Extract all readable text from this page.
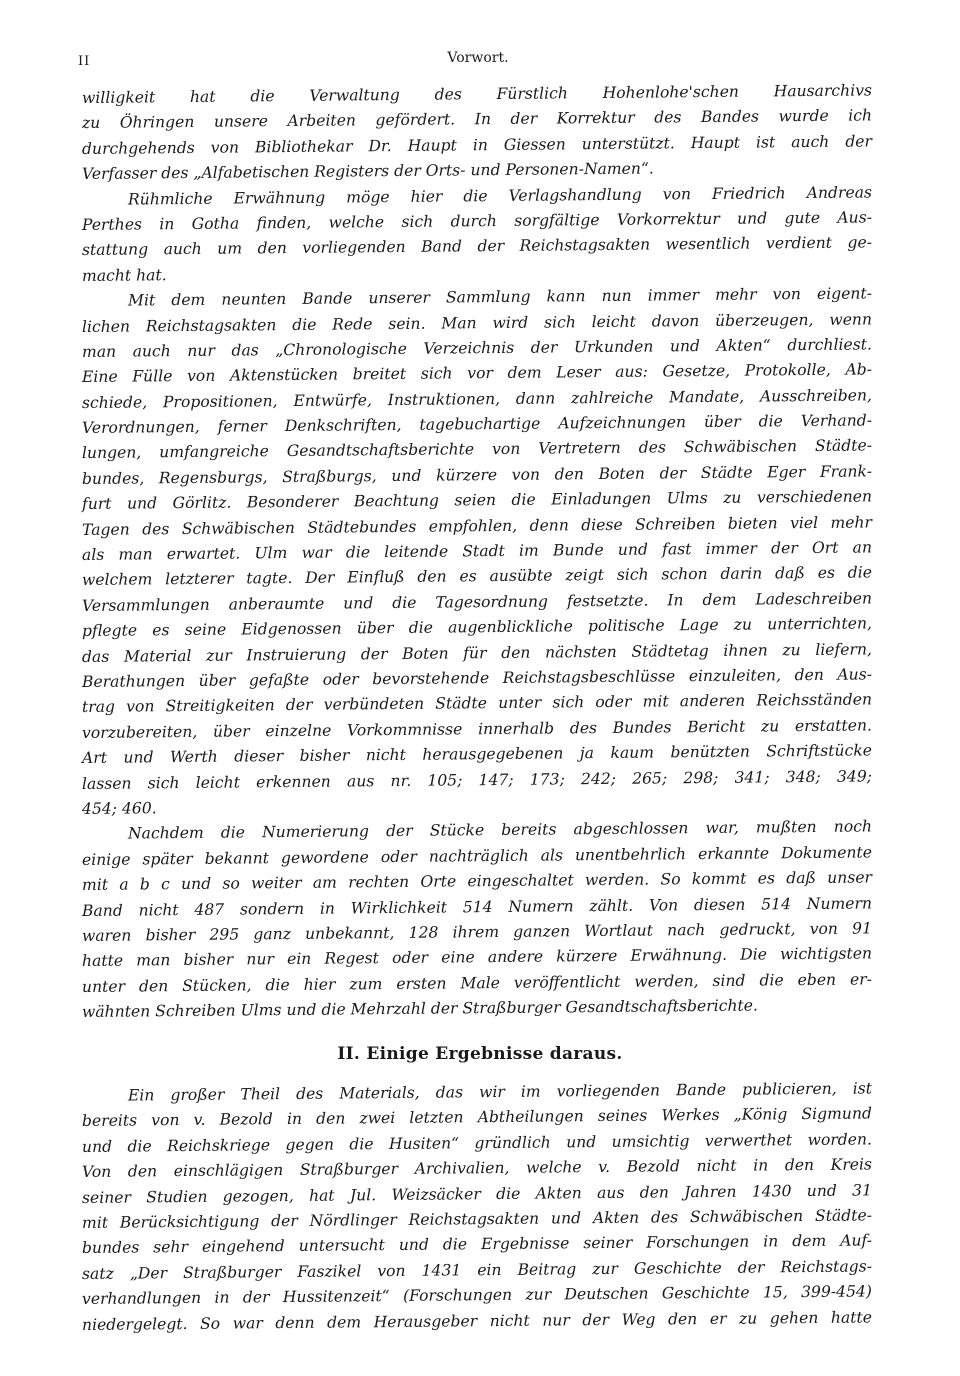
II	Vorwort.
willigkeit hat die Verwaltung des Fürstlich Hohenlohe'schen Hausarchivs
zu Öhringen unsere Arbeiten gefördert. In der Korrektur des Bandes wurde ich
durchgehends von Bibliothekar Dr. Haupt in Giessen unterstützt. Haupt ist auch der
Verfasser des „Alfabetischen Registers der Orts- und Personen-Namen“.
Rühmliche Erwähnung möge hier die Verlagshandlung von Friedrich Andreas
Perthes in Gotha finden, welche sich durch sorgfältige Vorkorrektur und gute Aus-
stattung auch um den vorliegenden Band der Reichstagsakten wesentlich verdient ge-
macht hat.
Mit dem neunten Bande unserer Sammlung kann nun immer mehr von eigent-
lichen Reichstagsakten die Rede sein. Man wird sich leicht davon überzeugen, wenn
man auch nur das „Chronologische Verzeichnis der Urkunden und Akten“ durchliest.
Eine Fülle von Aktenstücken breitet sich vor dem Leser aus: Gesetze, Protokolle, Ab-
schiede, Propositionen, Entwürfe, Instruktionen, dann zahlreiche Mandate, Ausschreiben,
Verordnungen, ferner Denkschriften, tagebuchartige Aufzeichnungen über die Verhand-
lungen, umfangreiche Gesandtschaftsberichte von Vertretern des Schwäbischen Städte-
bundes, Regensburgs, Straßburgs, und kürzere von den Boten der Städte Eger Frank-
furt und Görlitz. Besonderer Beachtung seien die Einladungen Ulms zu verschiedenen
Tagen des Schwäbischen Städtebundes empfohlen, denn diese Schreiben bieten viel mehr
als man erwartet. Ulm war die leitende Stadt im Bunde und fast immer der Ort an
welchem letzterer tagte. Der Einfluß den es ausübte zeigt sich schon darin daß es die
Versammlungen anberaumte und die Tagesordnung festsetzte. In dem Ladeschreiben
pflegte es seine Eidgenossen über die augenblickliche politische Lage zu unterrichten,
das Material zur Instruierung der Boten für den nächsten Städtetag ihnen zu liefern,
Berathungen über gefaßte oder bevorstehende Reichstagsbeschlüsse einzuleiten, den Aus-
trag von Streitigkeiten der verbündeten Städte unter sich oder mit anderen Reichsständen
vorzubereiten, über einzelne Vorkommnisse innerhalb des Bundes Bericht zu erstatten.
Art und Werth dieser bisher nicht herausgegebenen ja kaum benützten Schriftstücke
lassen sich leicht erkennen aus nr. 105; 147; 173; 242; 265; 298; 341; 348; 349;
454; 460.
Nachdem die Numerierung der Stücke bereits abgeschlossen war, mußten noch
einige später bekannt gewordene oder nachträglich als unentbehrlich erkannte Dokumente
mit a b c und so weiter am rechten Orte eingeschaltet werden. So kommt es daß unser
Band nicht 487 sondern in Wirklichkeit 514 Numern zählt. Von diesen 514 Numern
waren bisher 295 ganz unbekannt, 128 ihrem ganzen Wortlaut nach gedruckt, von 91
hatte man bisher nur ein Regest oder eine andere kürzere Erwähnung. Die wichtigsten
unter den Stücken, die hier zum ersten Male veröffentlicht werden, sind die eben er-
wähnten Schreiben Ulms und die Mehrzahl der Straßburger Gesandtschaftsberichte.
II. Einige Ergebnisse daraus.
Ein großer Theil des Materials, das wir im vorliegenden Bande publicieren, ist
bereits von v. Bezold in den zwei letzten Abtheilungen seines Werkes „König Sigmund
und die Reichskriege gegen die Husiten“ gründlich und umsichtig verwerthet worden.
Von den einschlägigen Straßburger Archivalien, welche v. Bezold nicht in den Kreis
seiner Studien gezogen, hat Jul. Weizsäcker die Akten aus den Jahren 1430 und 31
mit Berücksichtigung der Nördlinger Reichstagsakten und Akten des Schwäbischen Städte-
bundes sehr eingehend untersucht und die Ergebnisse seiner Forschungen in dem Auf-
satz „Der Straßburger Faszikel von 1431 ein Beitrag zur Geschichte der Reichstags-
verhandlungen in der Hussitenzeit“ (Forschungen zur Deutschen Geschichte 15, 399-454)
niedergelegt. So war denn dem Herausgeber nicht nur der Weg den er zu gehen hatte
